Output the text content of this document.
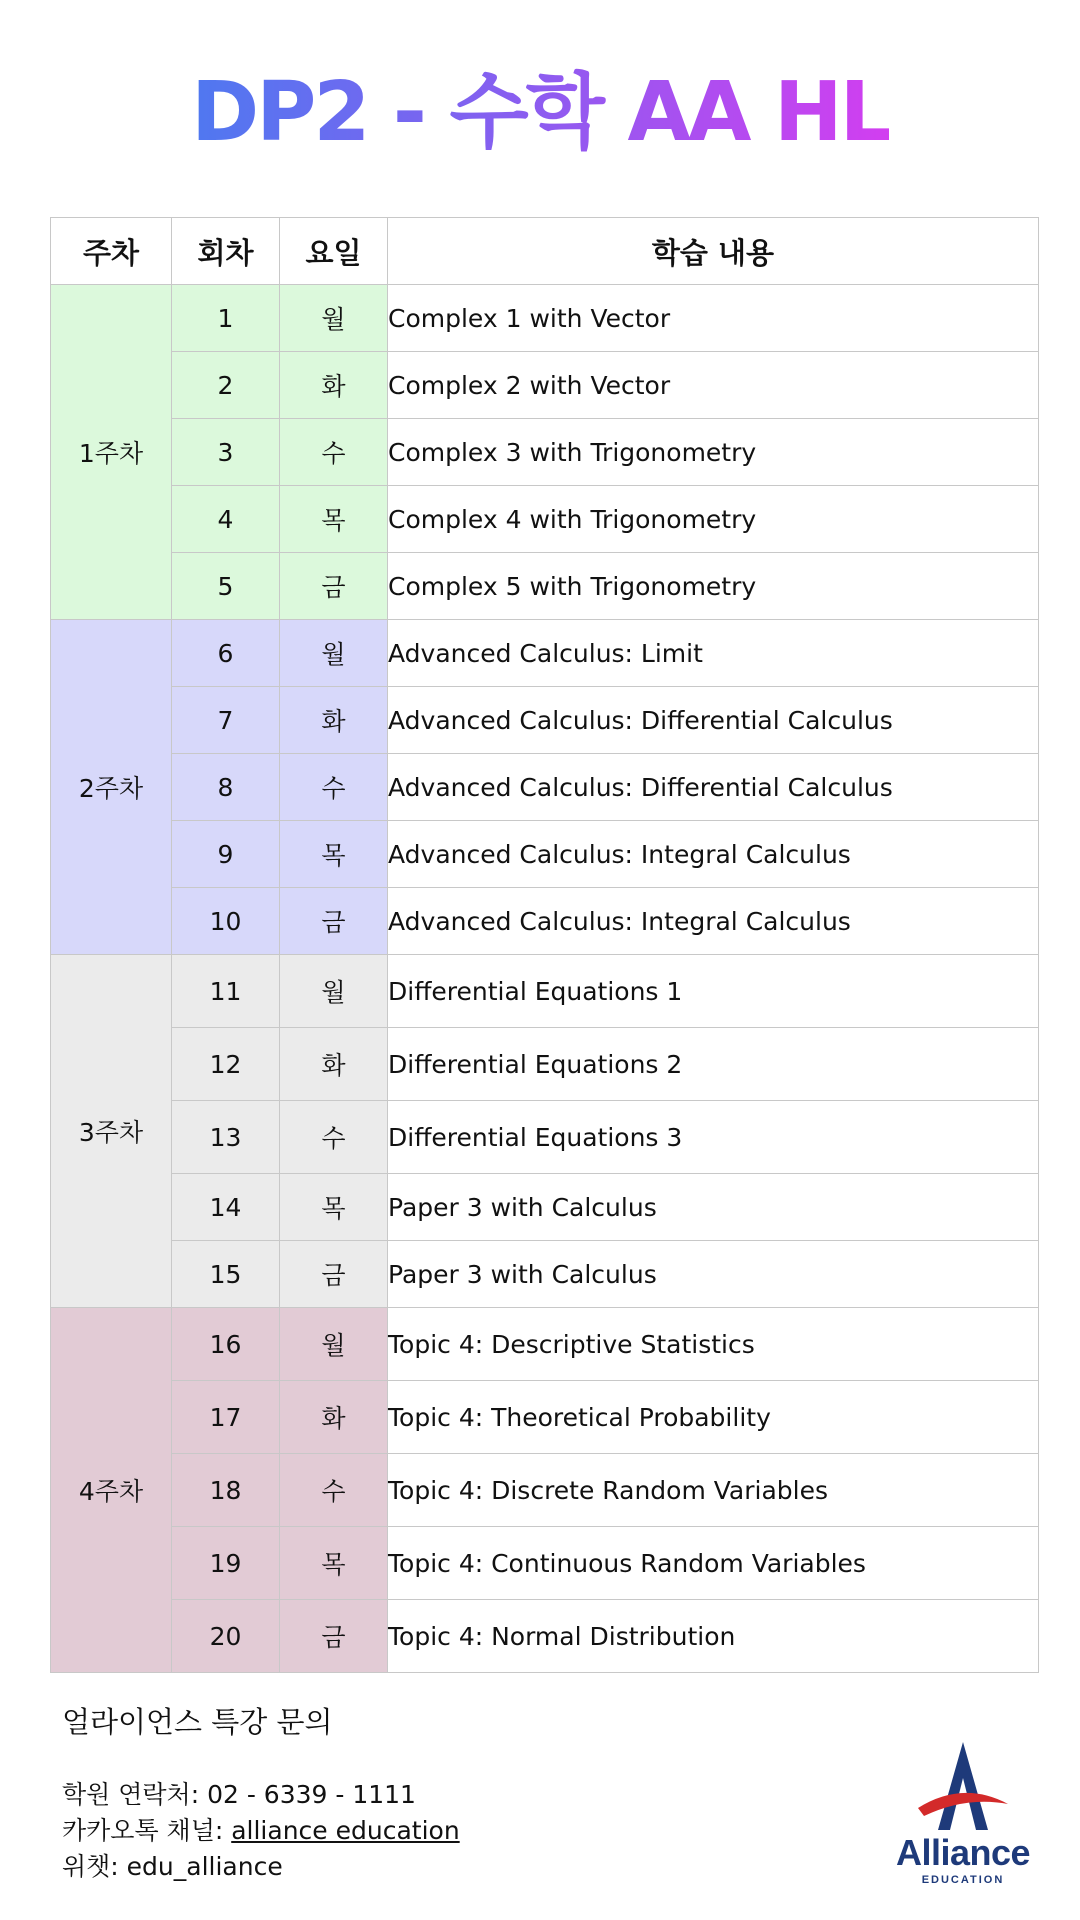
DP2 - 수학 AA HL
주차	회차	요일	학습 내용
1주차	1	월	Complex 1 with Vector
	2	화	Complex 2 with Vector
	3	수	Complex 3 with Trigonometry
	4	목	Complex 4 with Trigonometry
	5	금	Complex 5 with Trigonometry
2주차	6	월	Advanced Calculus: Limit
	7	화	Advanced Calculus: Differential Calculus
	8	수	Advanced Calculus: Differential Calculus
	9	목	Advanced Calculus: Integral Calculus
	10	금	Advanced Calculus: Integral Calculus
3주차	11	월	Differential Equations 1
	12	화	Differential Equations 2
	13	수	Differential Equations 3
	14	목	Paper 3 with Calculus
	15	금	Paper 3 with Calculus
4주차	16	월	Topic 4: Descriptive Statistics
	17	화	Topic 4: Theoretical Probability
	18	수	Topic 4: Discrete Random Variables
	19	목	Topic 4: Continuous Random Variables
	20	금	Topic 4: Normal Distribution
얼라이언스 특강 문의
학원 연락처: 02 - 6339 - 1111
카카오톡 채널: alliance education
위챗: edu_alliance	Alliance
EDUCATION
